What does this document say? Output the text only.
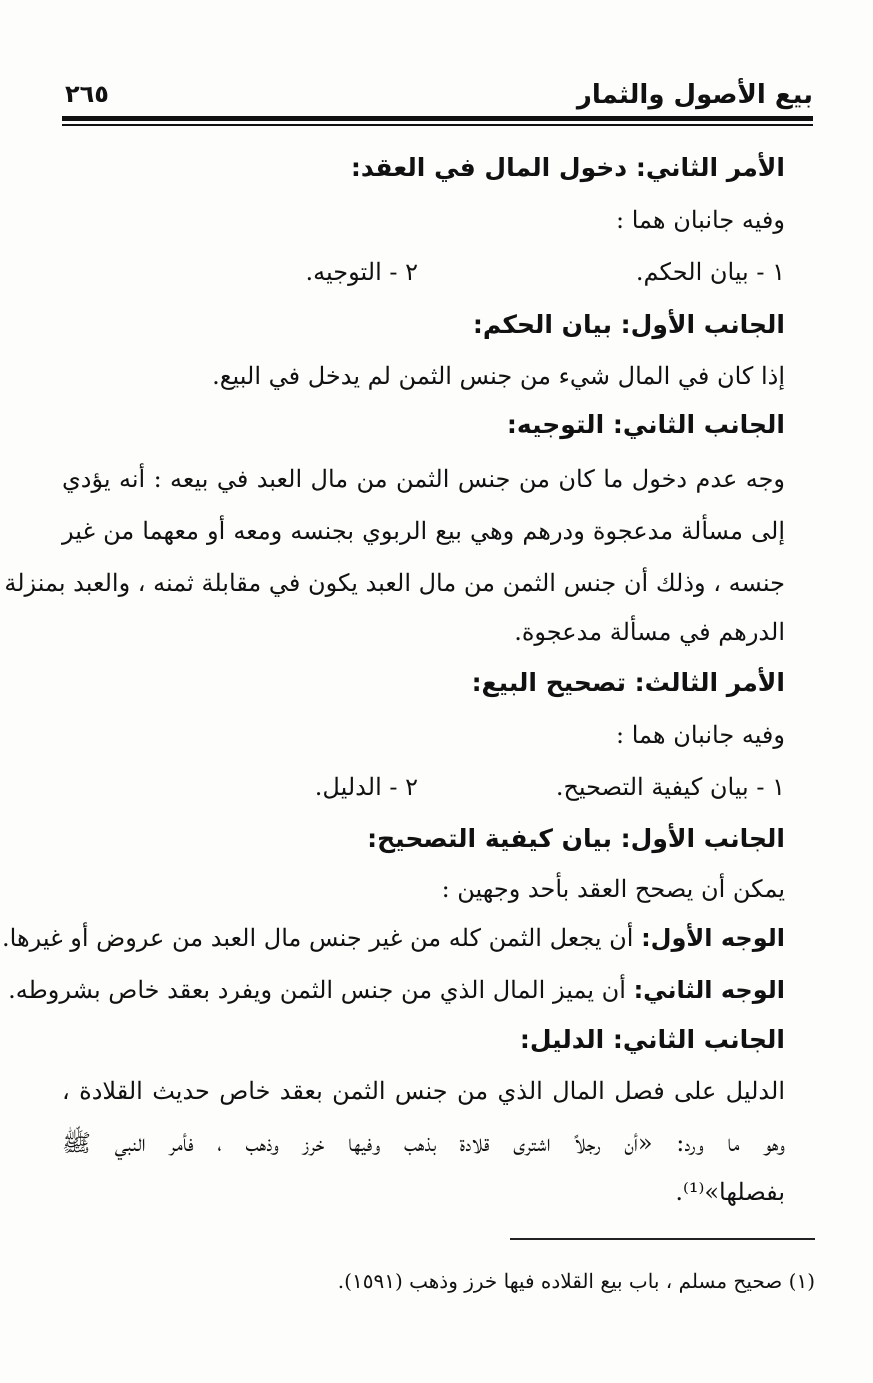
بيع الأصول والثمار
٢٦٥
الأمر الثاني: دخول المال في العقد:
وفيه جانبان هما :
١ - بيان الحكم.
٢ - التوجيه.
الجانب الأول: بيان الحكم:
إذا كان في المال شيء من جنس الثمن لم يدخل في البيع.
الجانب الثاني: التوجيه:
وجه عدم دخول ما كان من جنس الثمن من مال العبد في بيعه : أنه يؤدي
إلى مسألة مدعجوة ودرهم وهي بيع الربوي بجنسه ومعه أو معهما من غير
جنسه ، وذلك أن جنس الثمن من مال العبد يكون في مقابلة ثمنه ، والعبد بمنزلة
الدرهم في مسألة مدعجوة.
الأمر الثالث: تصحيح البيع:
وفيه جانبان هما :
١ - بيان كيفية التصحيح.
٢ - الدليل.
الجانب الأول: بيان كيفية التصحيح:
يمكن أن يصحح العقد بأحد وجهين :
الوجه الأول: أن يجعل الثمن كله من غير جنس مال العبد من عروض أو غيرها.
الوجه الثاني: أن يميز المال الذي من جنس الثمن ويفرد بعقد خاص بشروطه.
الجانب الثاني: الدليل:
الدليل على فصل المال الذي من جنس الثمن بعقد خاص حديث القلادة ،
وهو ما ورد: «أن رجلاً اشترى قلادة بذهب وفيها خرز وذهب ، فأمر النبي ﷺ
بفصلها»⁽¹⁾.
(١) صحيح مسلم ، باب بيع القلاده فيها خرز وذهب (١٥٩١).
